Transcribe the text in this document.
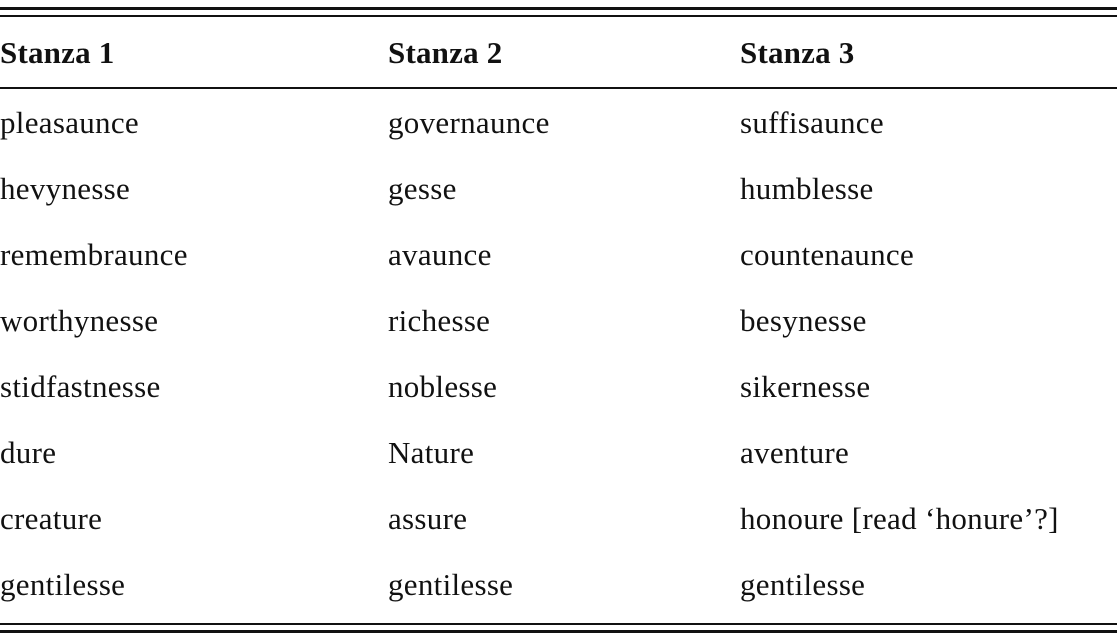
Stanza 1	Stanza 2	Stanza 3
pleasaunce	governaunce	suffisaunce
hevynesse	gesse	humblesse
remembraunce	avaunce	countenaunce
worthynesse	richesse	besynesse
stidfastnesse	noblesse	sikernesse
dure	Nature	aventure
creature	assure	honoure [read ‘honure’?]
gentilesse	gentilesse	gentilesse
